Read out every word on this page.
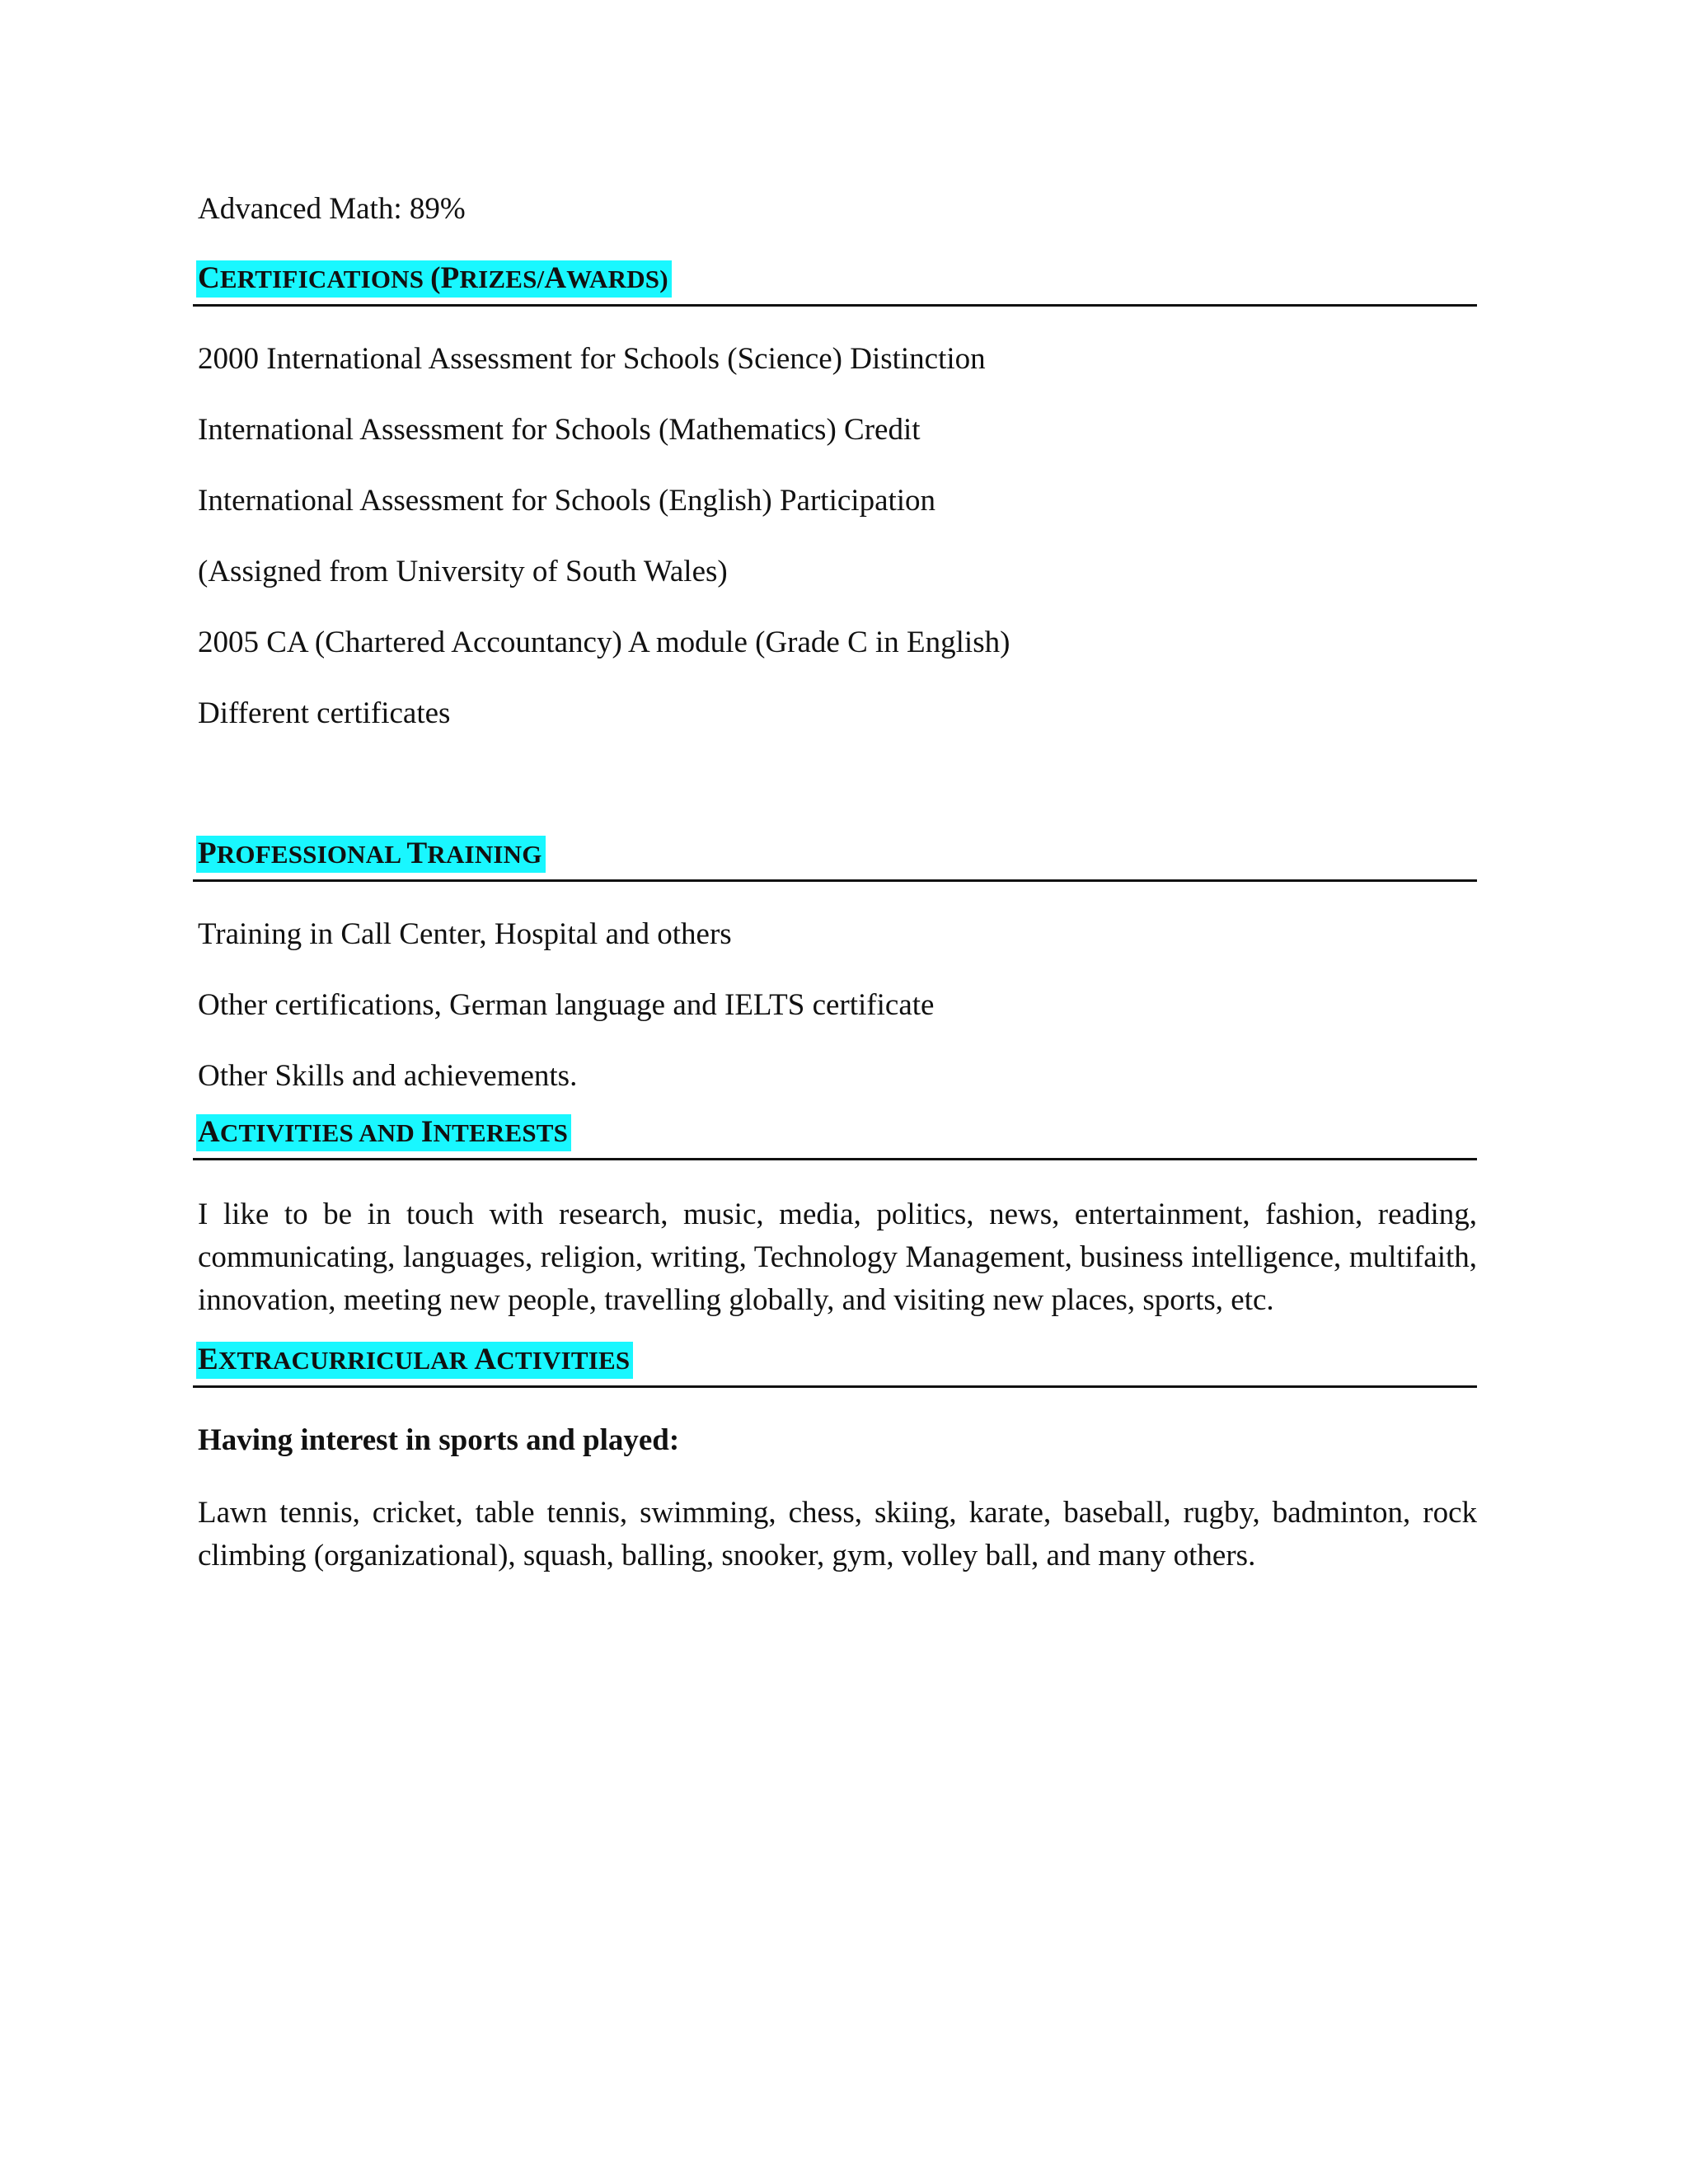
Advanced Math: 89%

CERTIFICATIONS (PRIZES/AWARDS)

2000 International Assessment for Schools (Science) Distinction

International Assessment for Schools (Mathematics) Credit

International Assessment for Schools (English) Participation

(Assigned from University of South Wales)

2005 CA (Chartered Accountancy) A module (Grade C in English)

Different certificates

PROFESSIONAL TRAINING

Training in Call Center, Hospital and others

Other certifications, German language and IELTS certificate

Other Skills and achievements.

ACTIVITIES AND INTERESTS

I like to be in touch with research, music, media, politics, news, entertainment, fashion, reading, communicating, languages, religion, writing, Technology Management, business intelligence, multifaith, innovation, meeting new people, travelling globally, and visiting new places, sports, etc.

EXTRACURRICULAR ACTIVITIES

Having interest in sports and played:

Lawn tennis, cricket, table tennis, swimming, chess, skiing, karate, baseball, rugby, badminton, rock climbing (organizational), squash, balling, snooker, gym, volley ball, and many others.
